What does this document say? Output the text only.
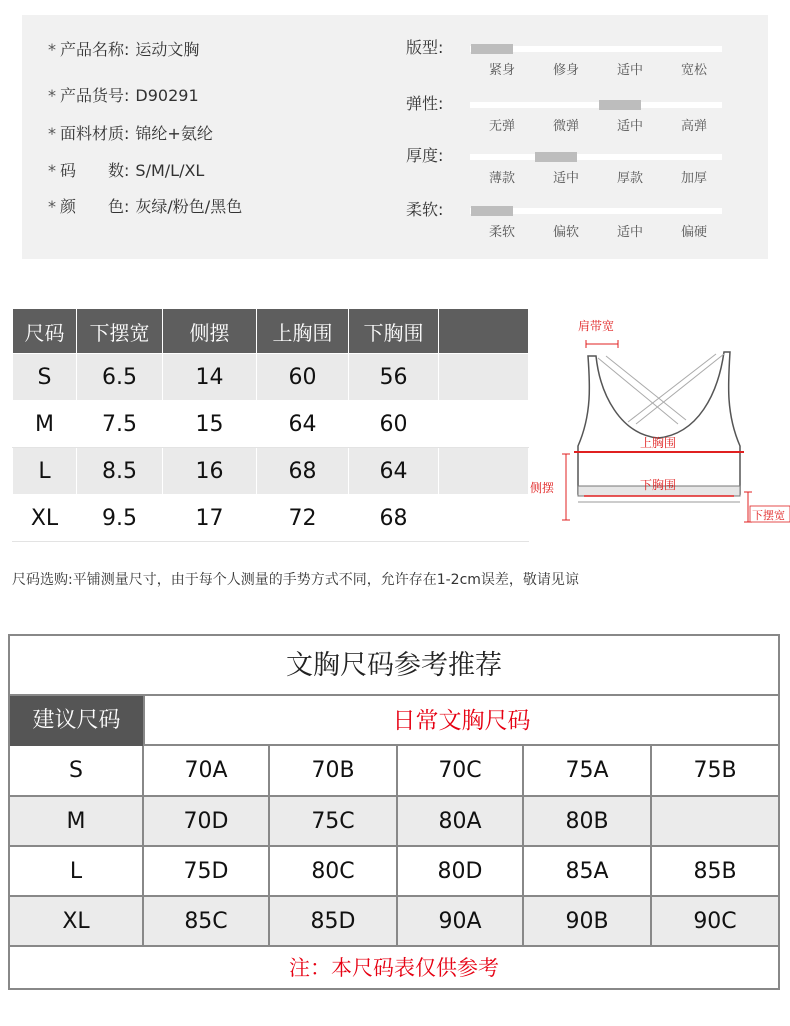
* 产品名称: 运动文胸
* 产品货号: D90291
* 面料材质: 锦纶+氨纶
* 码　　数: S/M/L/XL
* 颜　　色: 灰绿/粉色/黑色
版型:
紧身	修身	适中	宽松
弹性:
无弹	微弹	适中	高弹
厚度:
薄款	适中	厚款	加厚
柔软:
柔软	偏软	适中	偏硬
尺码	下摆宽	侧摆	上胸围	下胸围	
S	6.5	14	60	56	
M	7.5	15	64	60	
L	8.5	16	68	64	
XL	9.5	17	72	68	
肩带宽
上胸围
侧摆	下胸围
下摆宽
尺码选购:平铺测量尺寸，由于每个人测量的手势方式不同，允许存在1-2cm误差，敬请见谅
文胸尺码参考推荐
建议尺码	日常文胸尺码
S	70A	70B	70C	75A	75B
M	70D	75C	80A	80B	
L	75D	80C	80D	85A	85B
XL	85C	85D	90A	90B	90C
注：本尺码表仅供参考
